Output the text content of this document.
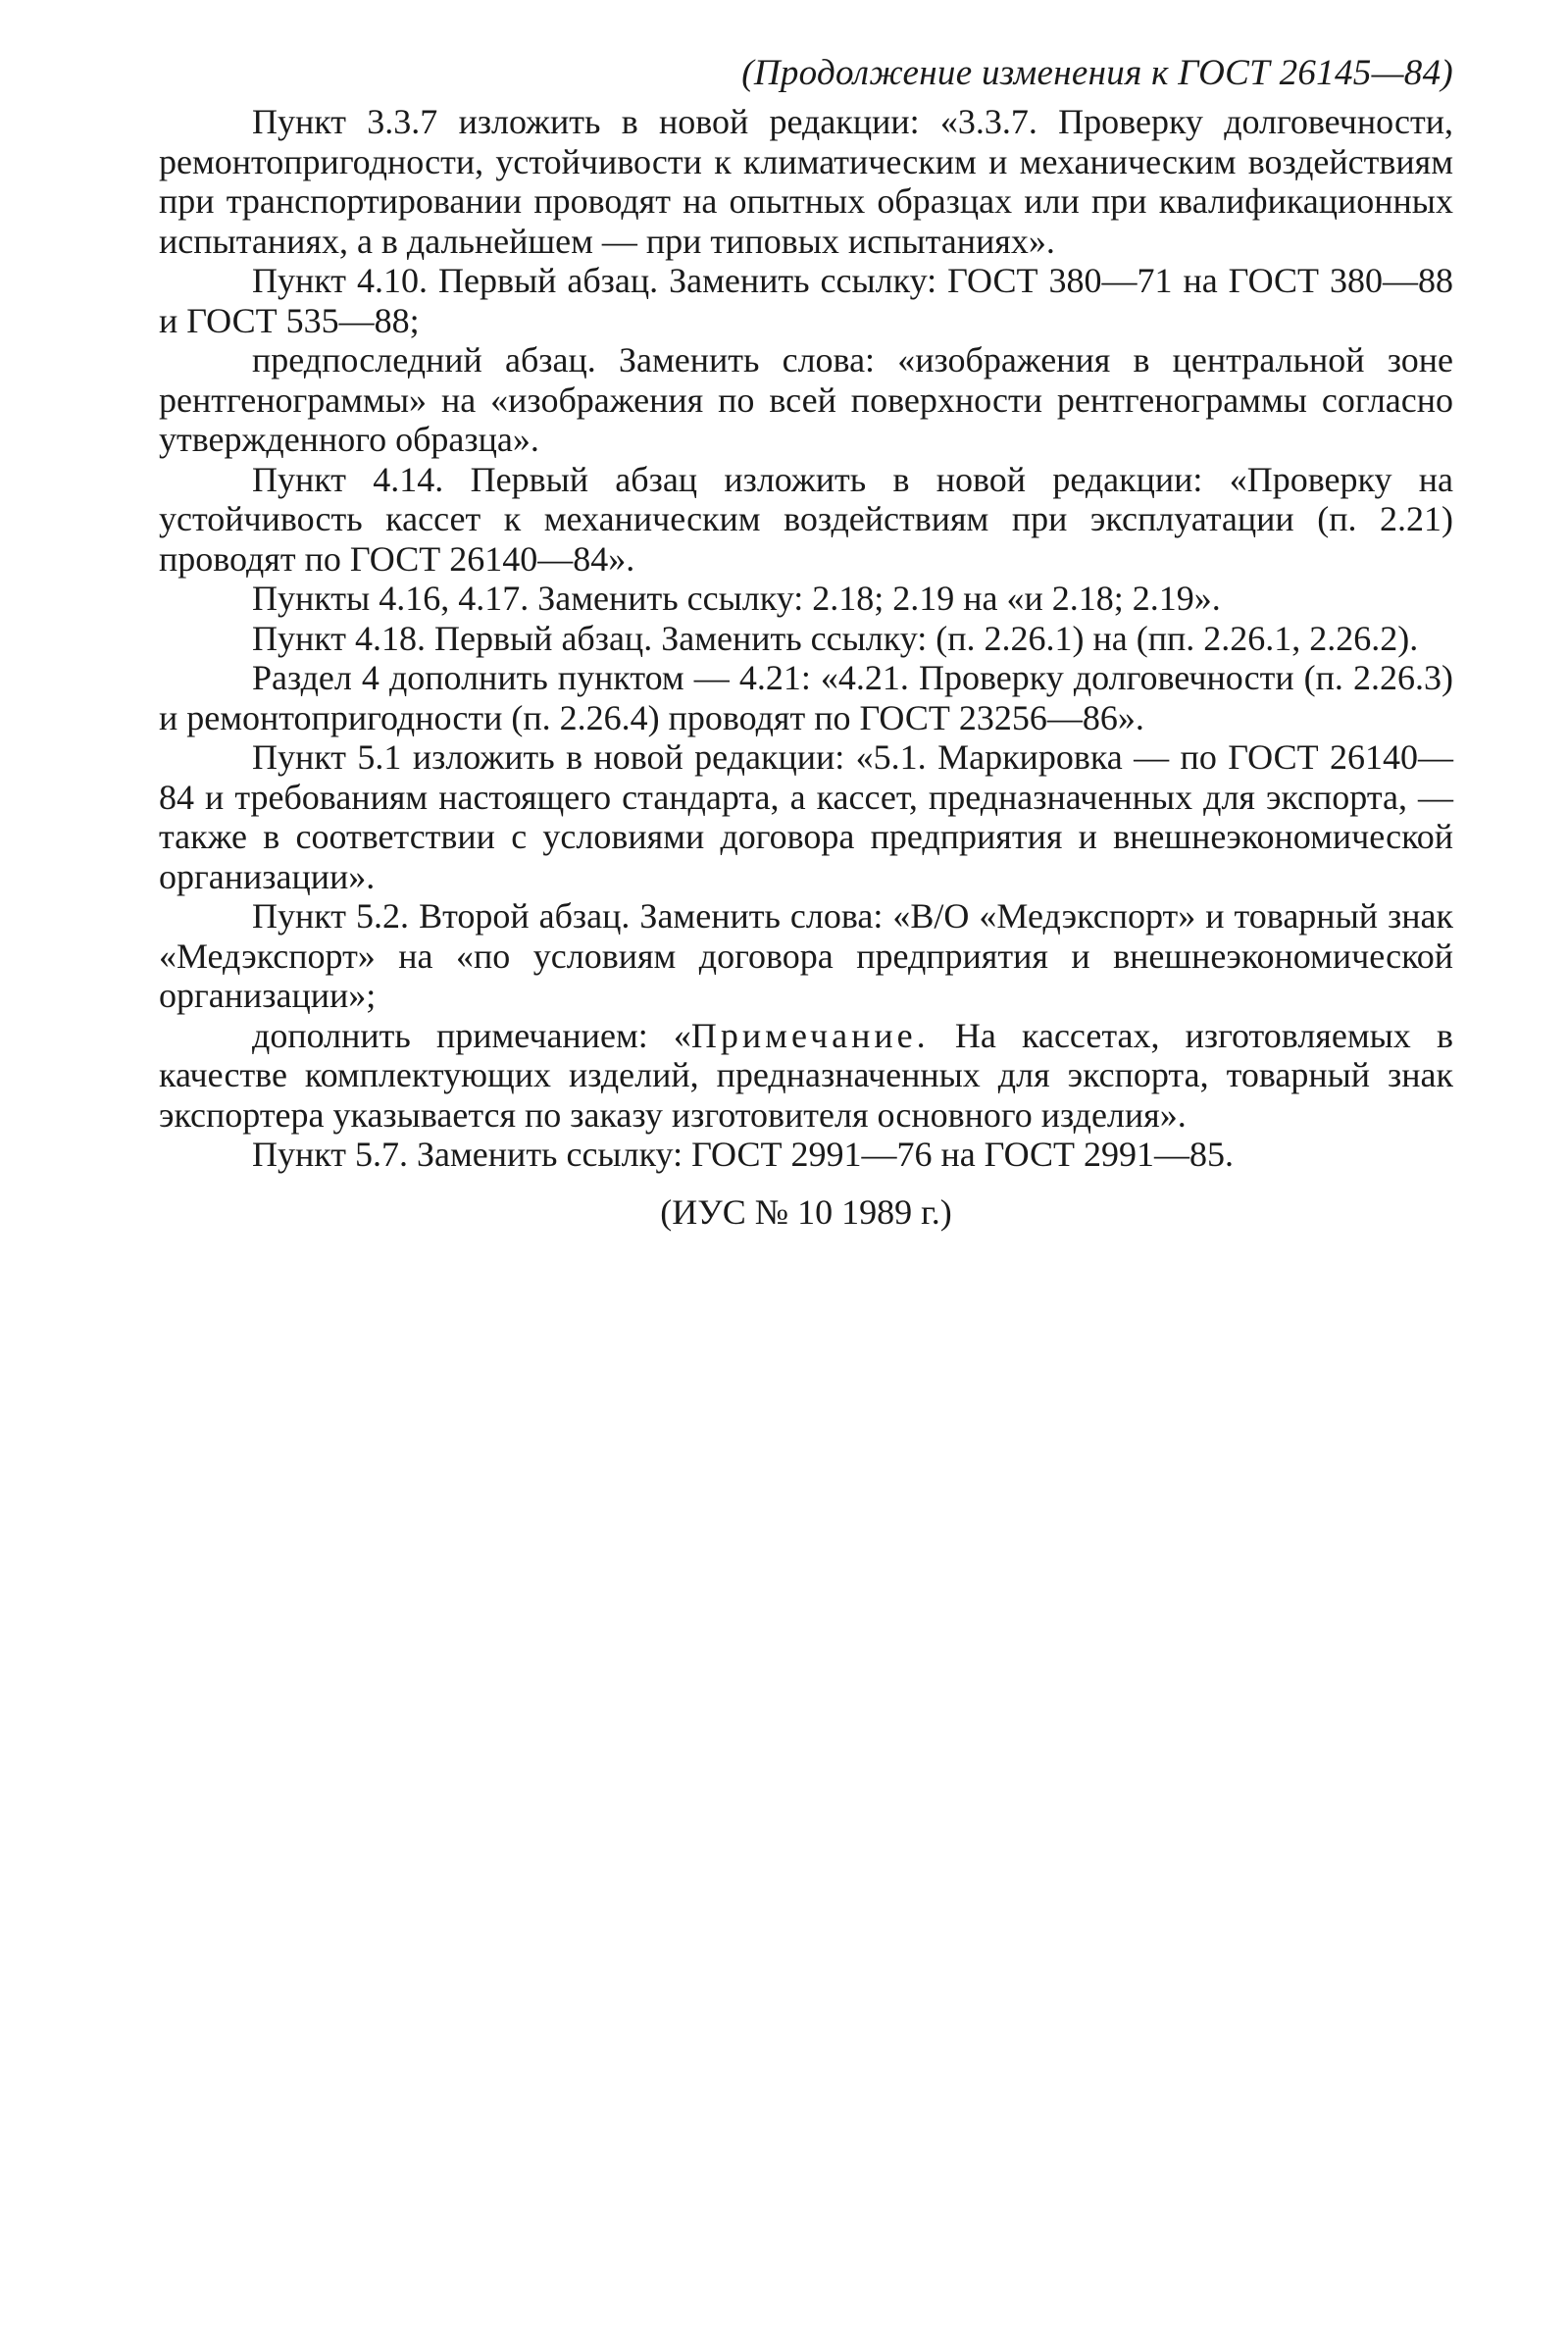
(Продолжение изменения к ГОСТ 26145—84)

Пункт 3.3.7 изложить в новой редакции: «3.3.7. Проверку долговечности, ремонтопригодности, устойчивости к климатическим и механическим воздействиям при транспортировании проводят на опытных образцах или при квалификационных испытаниях, а в дальнейшем — при типовых испытаниях».

Пункт 4.10. Первый абзац. Заменить ссылку: ГОСТ 380—71 на ГОСТ 380—88 и ГОСТ 535—88;

предпоследний абзац. Заменить слова: «изображения в центральной зоне рентгенограммы» на «изображения по всей поверхности рентгенограммы согласно утвержденного образца».

Пункт 4.14. Первый абзац изложить в новой редакции: «Проверку на устойчивость кассет к механическим воздействиям при эксплуатации (п. 2.21) проводят по ГОСТ 26140—84».

Пункты 4.16, 4.17. Заменить ссылку: 2.18; 2.19 на «и 2.18; 2.19».

Пункт 4.18. Первый абзац. Заменить ссылку: (п. 2.26.1) на (пп. 2.26.1, 2.26.2).

Раздел 4 дополнить пунктом — 4.21: «4.21. Проверку долговечности (п. 2.26.3) и ремонтопригодности (п. 2.26.4) проводят по ГОСТ 23256—86».

Пункт 5.1 изложить в новой редакции: «5.1. Маркировка — по ГОСТ 26140—84 и требованиям настоящего стандарта, а кассет, предназначенных для экспорта, — также в соответствии с условиями договора предприятия и внешнеэкономической организации».

Пункт 5.2. Второй абзац. Заменить слова: «В/О «Медэкспорт» и товарный знак «Медэкспорт» на «по условиям договора предприятия и внешнеэкономической организации»;

дополнить примечанием: «Примечание. На кассетах, изготовляемых в качестве комплектующих изделий, предназначенных для экспорта, товарный знак экспортера указывается по заказу изготовителя основного изделия».

Пункт 5.7. Заменить ссылку: ГОСТ 2991—76 на ГОСТ 2991—85.

(ИУС № 10 1989 г.)
